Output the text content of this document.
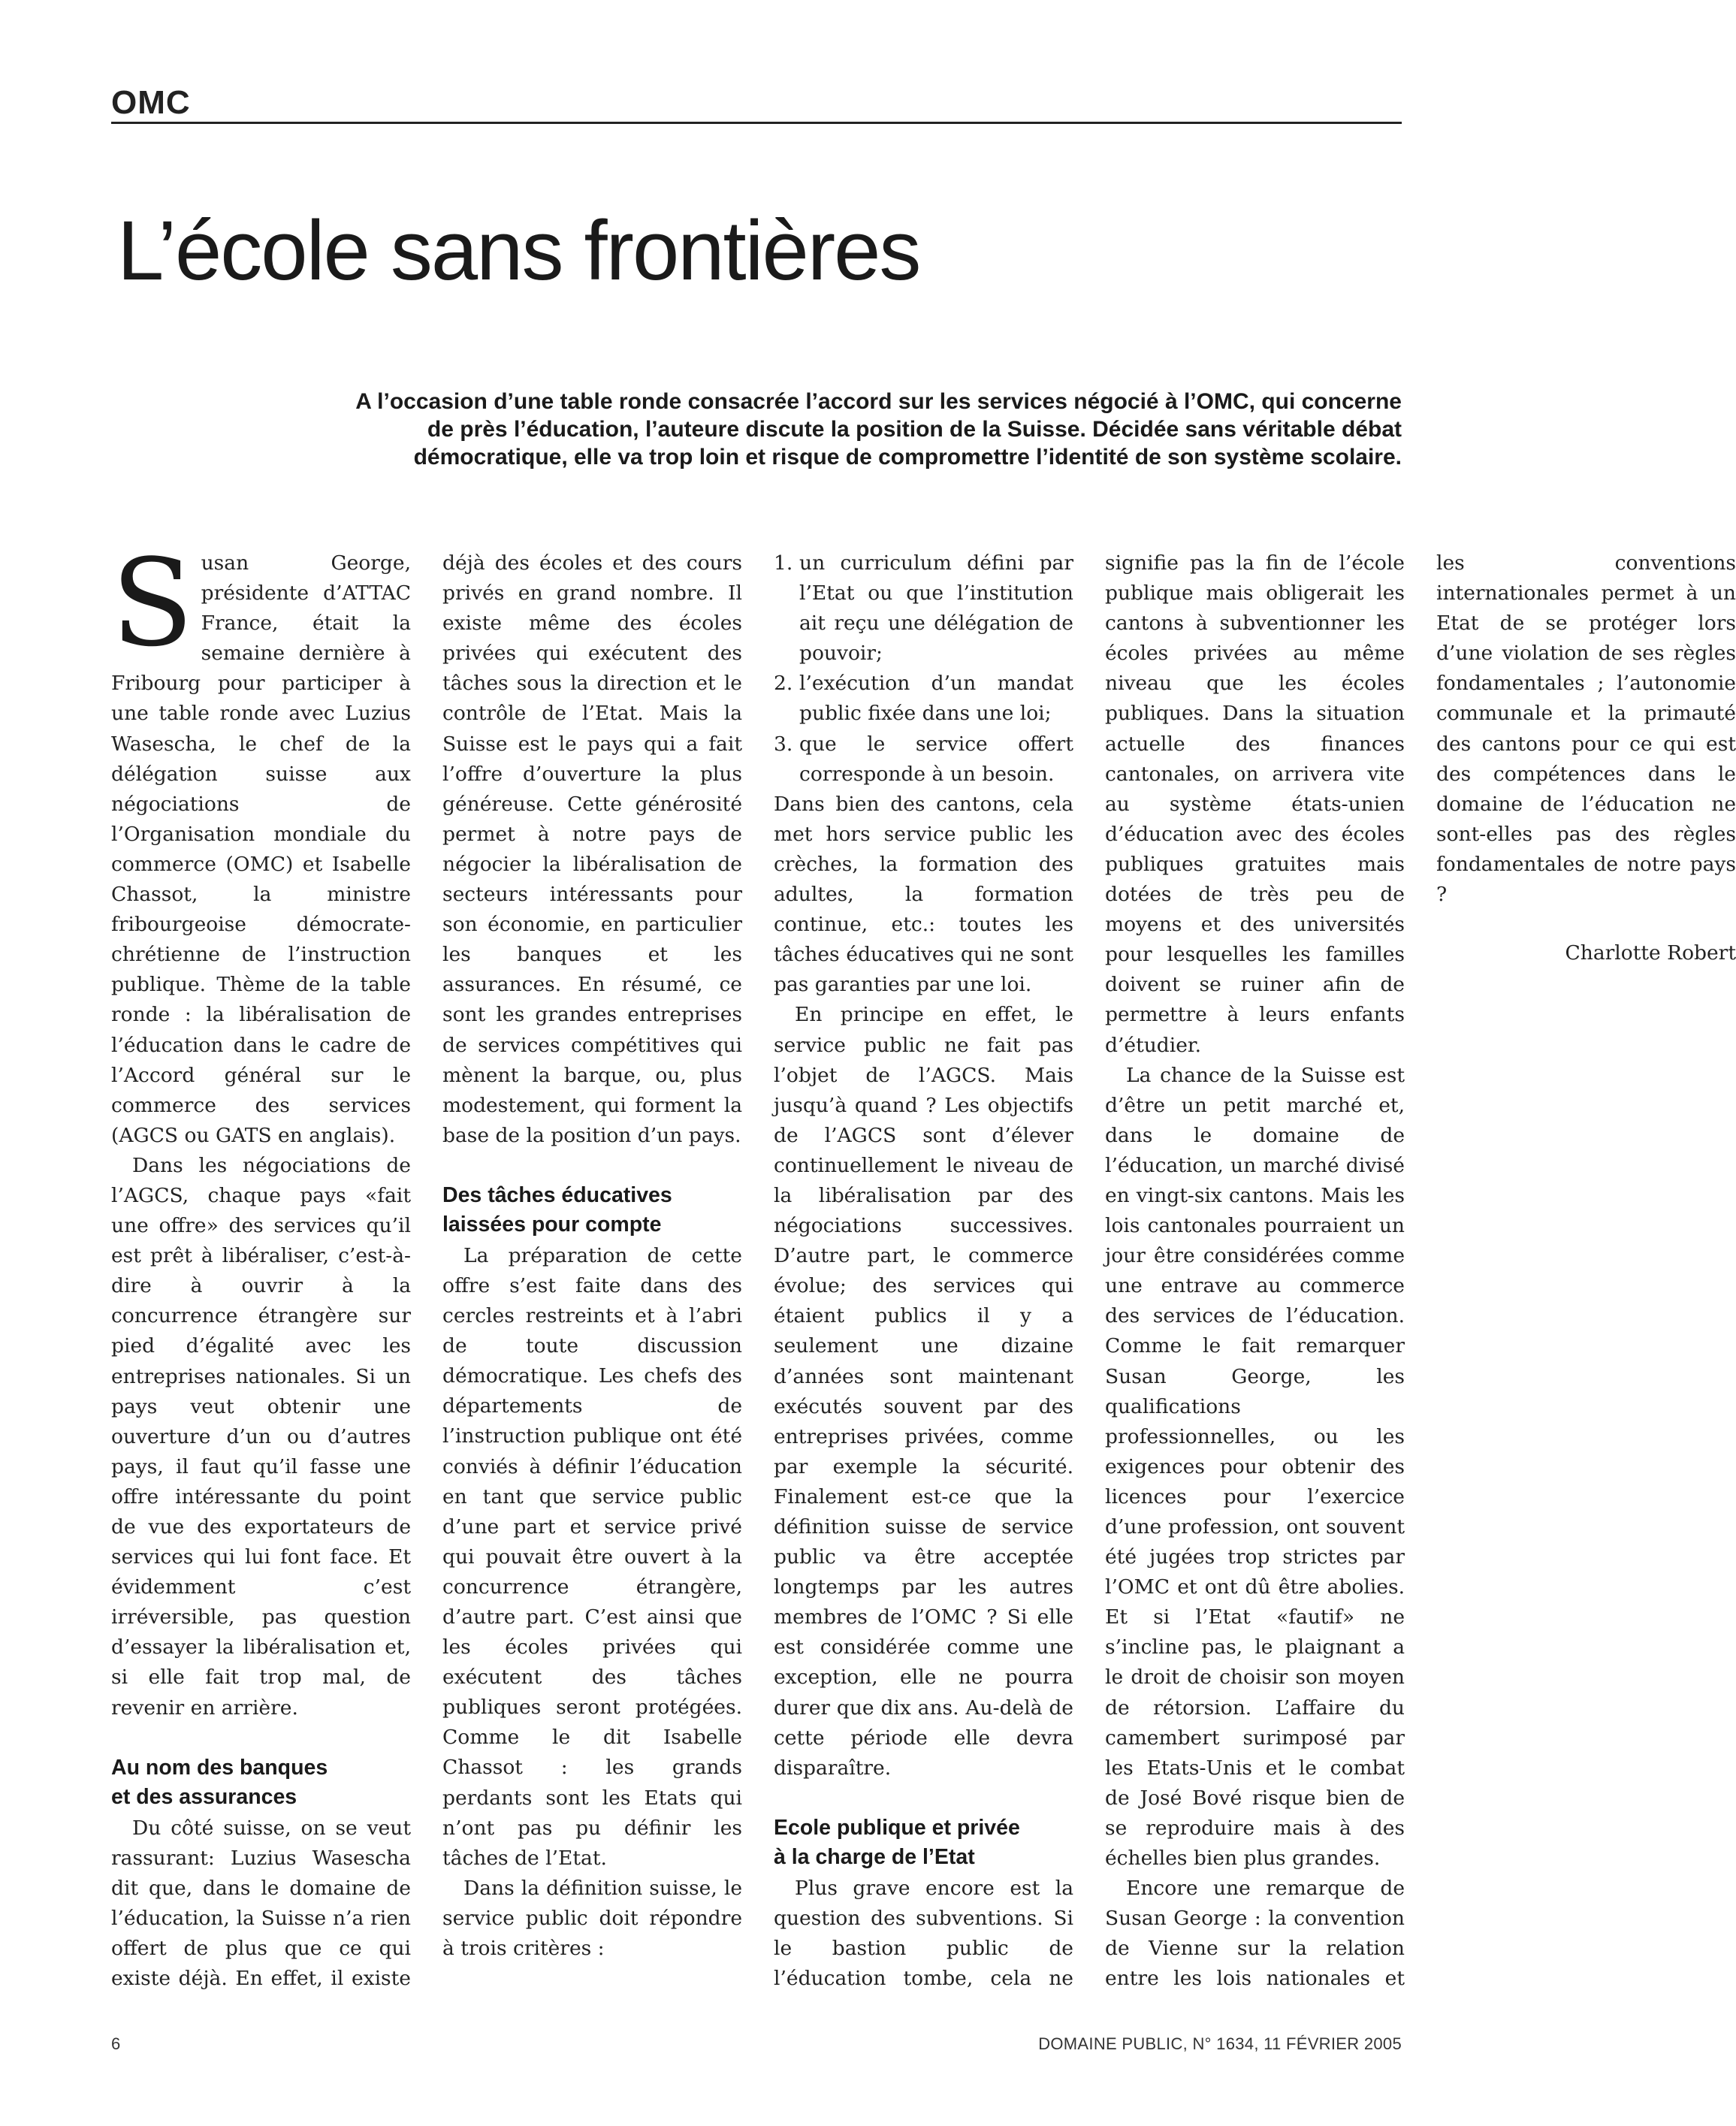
OMC
L’école sans frontières
A l’occasion d’une table ronde consacrée l’accord sur les services négocié à l’OMC, qui concerne
de près l’éducation, l’auteure discute la position de la Suisse. Décidée sans véritable débat
démocratique, elle va trop loin et risque de compromettre l’identité de son système scolaire.

Susan George, présidente d’ATTAC France, était la semaine dernière à Fribourg pour participer à une table ronde avec Luzius Wasescha, le chef de la délégation suisse aux négociations de l’Organisation mondiale du commerce (OMC) et Isabelle Chassot, la ministre fribourgeoise démocrate-chrétienne de l’instruction publique. Thème de la table ronde : la libéralisation de l’éducation dans le cadre de l’Accord général sur le commerce des services (AGCS ou GATS en anglais).

Dans les négociations de l’AGCS, chaque pays «fait une offre» des services qu’il est prêt à libéraliser, c’est-à-dire à ouvrir à la concurrence étrangère sur pied d’égalité avec les entreprises nationales. Si un pays veut obtenir une ouverture d’un ou d’autres pays, il faut qu’il fasse une offre intéressante du point de vue des exportateurs de services qui lui font face. Et évidemment c’est irréversible, pas question d’essayer la libéralisation et, si elle fait trop mal, de revenir en arrière.

Au nom des banques
et des assurances

Du côté suisse, on se veut rassurant: Luzius Wasescha dit que, dans le domaine de l’éducation, la Suisse n’a rien offert de plus que ce qui existe déjà. En effet, il existe déjà des écoles et des cours privés en grand nombre. Il existe même des écoles privées qui exécutent des tâches sous la direction et le contrôle de l’Etat. Mais la Suisse est le pays qui a fait l’offre d’ouverture la plus généreuse. Cette générosité permet à notre pays de négocier la libéralisation de secteurs intéressants pour son économie, en particulier les banques et les assurances. En résumé, ce sont les grandes entreprises de services compétitives qui mènent la barque, ou, plus modestement, qui forment la base de la position d’un pays.

Des tâches éducatives
laissées pour compte

La préparation de cette offre s’est faite dans des cercles restreints et à l’abri de toute discussion démocratique. Les chefs des départements de l’instruction publique ont été conviés à définir l’éducation en tant que service public d’une part et service privé qui pouvait être ouvert à la concurrence étrangère, d’autre part. C’est ainsi que les écoles privées qui exécutent des tâches publiques seront protégées. Comme le dit Isabelle Chassot : les grands perdants sont les Etats qui n’ont pas pu définir les tâches de l’Etat.

Dans la définition suisse, le service public doit répondre à trois critères :

1. un curriculum défini par l’Etat ou que l’institution ait reçu une délégation de pouvoir;
2. l’exécution d’un mandat public fixée dans une loi;
3. que le service offert corresponde à un besoin.

Dans bien des cantons, cela met hors service public les crèches, la formation des adultes, la formation continue, etc.: toutes les tâches éducatives qui ne sont pas garanties par une loi.

En principe en effet, le service public ne fait pas l’objet de l’AGCS. Mais jusqu’à quand ? Les objectifs de l’AGCS sont d’élever continuellement le niveau de la libéralisation par des négociations successives. D’autre part, le commerce évolue; des services qui étaient publics il y a seulement une dizaine d’années sont maintenant exécutés souvent par des entreprises privées, comme par exemple la sécurité. Finalement est-ce que la définition suisse de service public va être acceptée longtemps par les autres membres de l’OMC ? Si elle est considérée comme une exception, elle ne pourra durer que dix ans. Au-delà de cette période elle devra disparaître.

Ecole publique et privée
à la charge de l’Etat

Plus grave encore est la question des subventions. Si le bastion public de l’éducation tombe, cela ne signifie pas la fin de l’école publique mais obligerait les cantons à subventionner les écoles privées au même niveau que les écoles publiques. Dans la situation actuelle des finances cantonales, on arrivera vite au système états-unien d’éducation avec des écoles publiques gratuites mais dotées de très peu de moyens et des universités pour lesquelles les familles doivent se ruiner afin de permettre à leurs enfants d’étudier.

La chance de la Suisse est d’être un petit marché et, dans le domaine de l’éducation, un marché divisé en vingt-six cantons. Mais les lois cantonales pourraient un jour être considérées comme une entrave au commerce des services de l’éducation. Comme le fait remarquer Susan George, les qualifications professionnelles, ou les exigences pour obtenir des licences pour l’exercice d’une profession, ont souvent été jugées trop strictes par l’OMC et ont dû être abolies. Et si l’Etat «fautif» ne s’incline pas, le plaignant a le droit de choisir son moyen de rétorsion. L’affaire du camembert surimposé par les Etats-Unis et le combat de José Bové risque bien de se reproduire mais à des échelles bien plus grandes.

Encore une remarque de Susan George : la convention de Vienne sur la relation entre les lois nationales et les conventions internationales permet à un Etat de se protéger lors d’une violation de ses règles fondamentales ; l’autonomie communale et la primauté des cantons pour ce qui est des compétences dans le domaine de l’éducation ne sont-elles pas des règles fondamentales de notre pays ?

Charlotte Robert

6	DOMAINE PUBLIC, N° 1634, 11 FÉVRIER 2005
